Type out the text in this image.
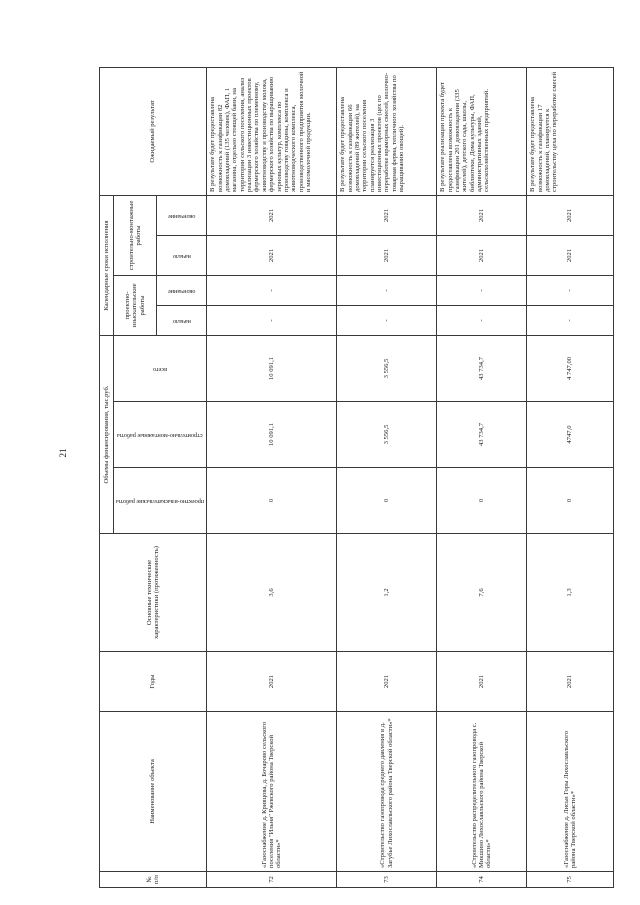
21
№ п/п	Наименование объекта	Годы	Основные технические характеристики (протяженность)	Объемы финансирования, тыс.руб.			Календарные сроки исполнения				Ожидаемый результат

				проектно-изыскательские работы	строительно-монтажные работы	всего	проектно-изыскательские работы		строительно-монтажные работы		

							начало	окончание	начало	окончание	

72	«Газоснабжение д. Кривцова, д. Бочарово сельского поселения "Ильня" Ржевского района Тверской области»*	2021	3,6	0	10 091,1	10 091,1	-	-	2021	2021	В результате будет предоставлена возможность к газификации 82 домовладений (135 человек), ФАП, 1 магазина, отдельно стоящей бани, на территории сельского поселения, анализ реализации 3 инвестиционных проектов фермерского хозяйства по племенному, животноводству и производству молока, фермерского хозяйства по выращиванию зерновых культур, комплекса по производству говядины, комплекса и животноводческого комплекса, производственного предприятия молочной и мясомолочной продукции.
73	«Строительство газопровода среднего давления в д. Загубье Лихославльского района Тверской области»*	2021	1,2	0	3 556,5	3 556,5	-	-	2021	2021	В результате будет предоставлена возможность к газификации 66 домовладений (89 жителей), на территории сельского поселения планируется реализация 3 инвестиционных проектов (цех по переработке мраморных смесей, молочно-товарная ферма, тепличного хозяйства по выращиванию овощей).
74	«Строительство распределительного газопровода с. Микшино Лихославльского района Тверской области»*	2021	7,6	0	43 734,7	43 734,7	-	-	2021	2021	В результате реализации проекта будет предоставлена возможность к газификации 201 домовладения (335 жителей), детского сада, школы, библиотеки, Дома культуры, ФАП, административных зданий, сельскохозяйственных предприятий.
75	«Газоснабжение д. Лисьи Горы Лихославльского района Тверской области»*	2021	1,3	0	4747,0	4 747,00	-	-	2021	2021	В результате будет предоставлена возможность к газификации 17 домовладений, планируется к строительству цеха по переработке смесей
